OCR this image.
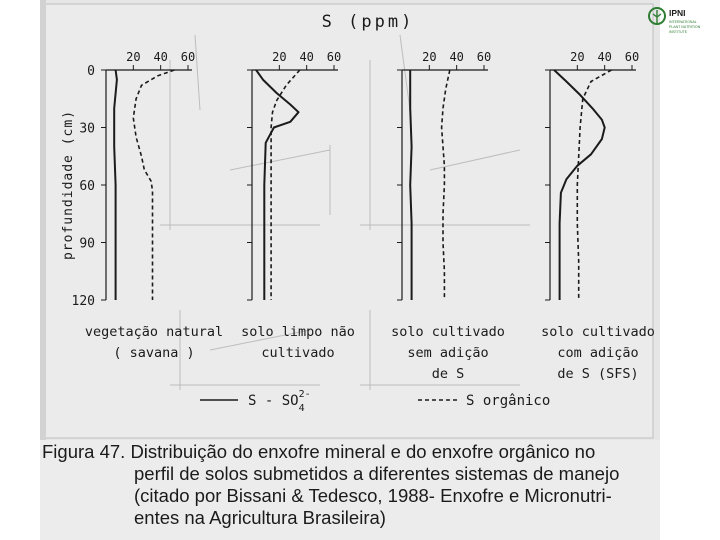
S (ppm)
0
30
60
90
120
profundidade (cm)
20 40 60
vegetação natural
( savana )
20 40 60
solo limpo não
cultivado
20 40 60
solo cultivado
sem adição
de S
20 40 60
solo cultivado
com adição
de S (SFS)
S - $SO_42-$	S orgânico
IPNI
INTERNATIONAL
PLANT NUTRITION
INSTITUTE
Figura 47. Distribuição do enxofre mineral e do enxofre orgânico no
perfil de solos submetidos a diferentes sistemas de manejo
(citado por Bissani & Tedesco, 1988- Enxofre e Micronutri-
entes na Agricultura Brasileira)
